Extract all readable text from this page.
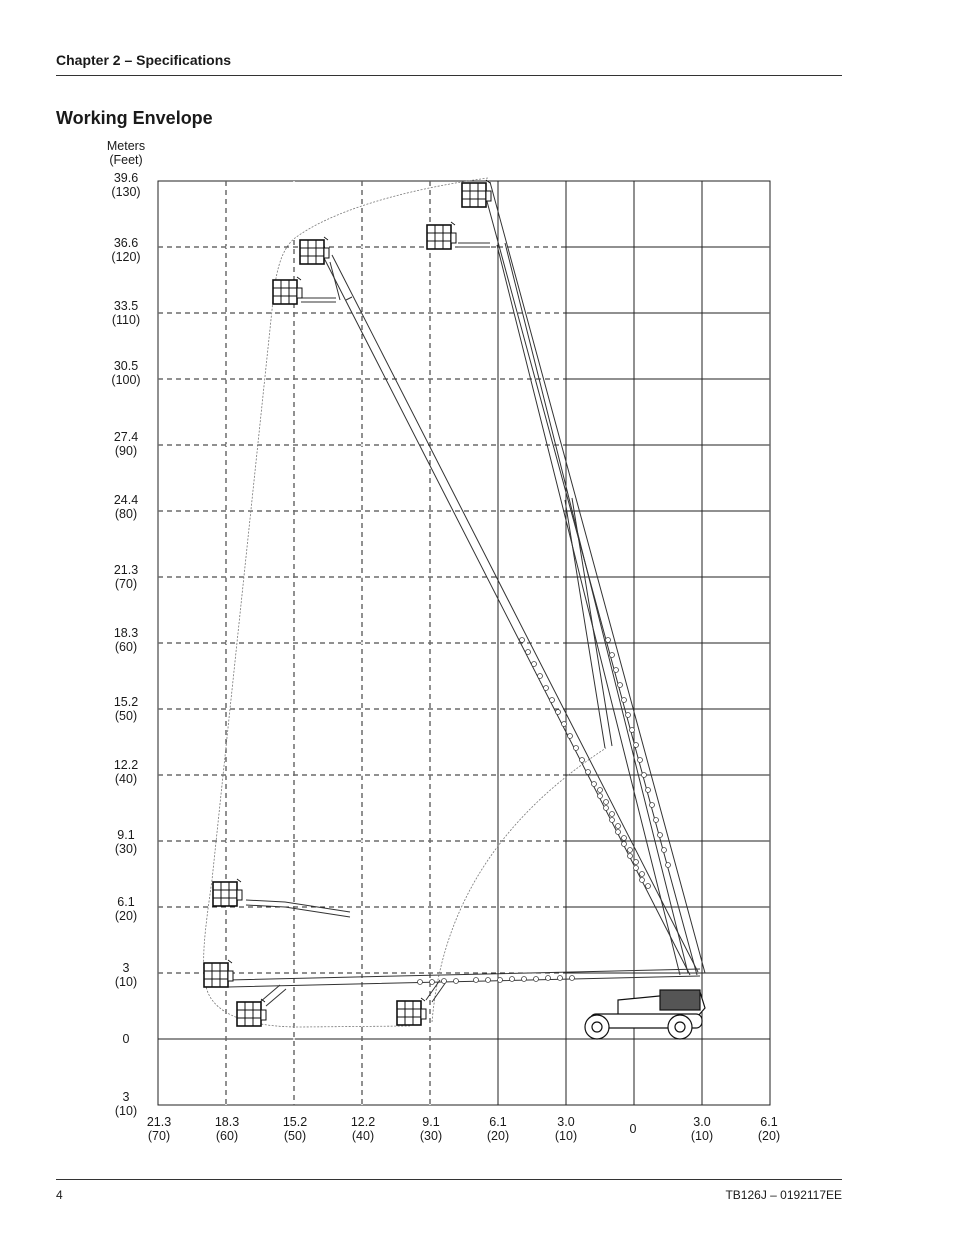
Chapter 2 – Specifications
Working Envelope
Meters
(Feet)
39.6
(130)
36.6
(120)
33.5
(110)
30.5
(100)
27.4
(90)
24.4
(80)
21.3
(70)
18.3
(60)
15.2
(50)
12.2
(40)
9.1
(30)
6.1
(20)
3
(10)
0
3
(10)
21.3
(70)
18.3
(60)
15.2
(50)
12.2
(40)
9.1
(30)
6.1
(20)
3.0
(10)	0	3.0
(10)
6.1
(20)
4	TB126J – 0192117EE
